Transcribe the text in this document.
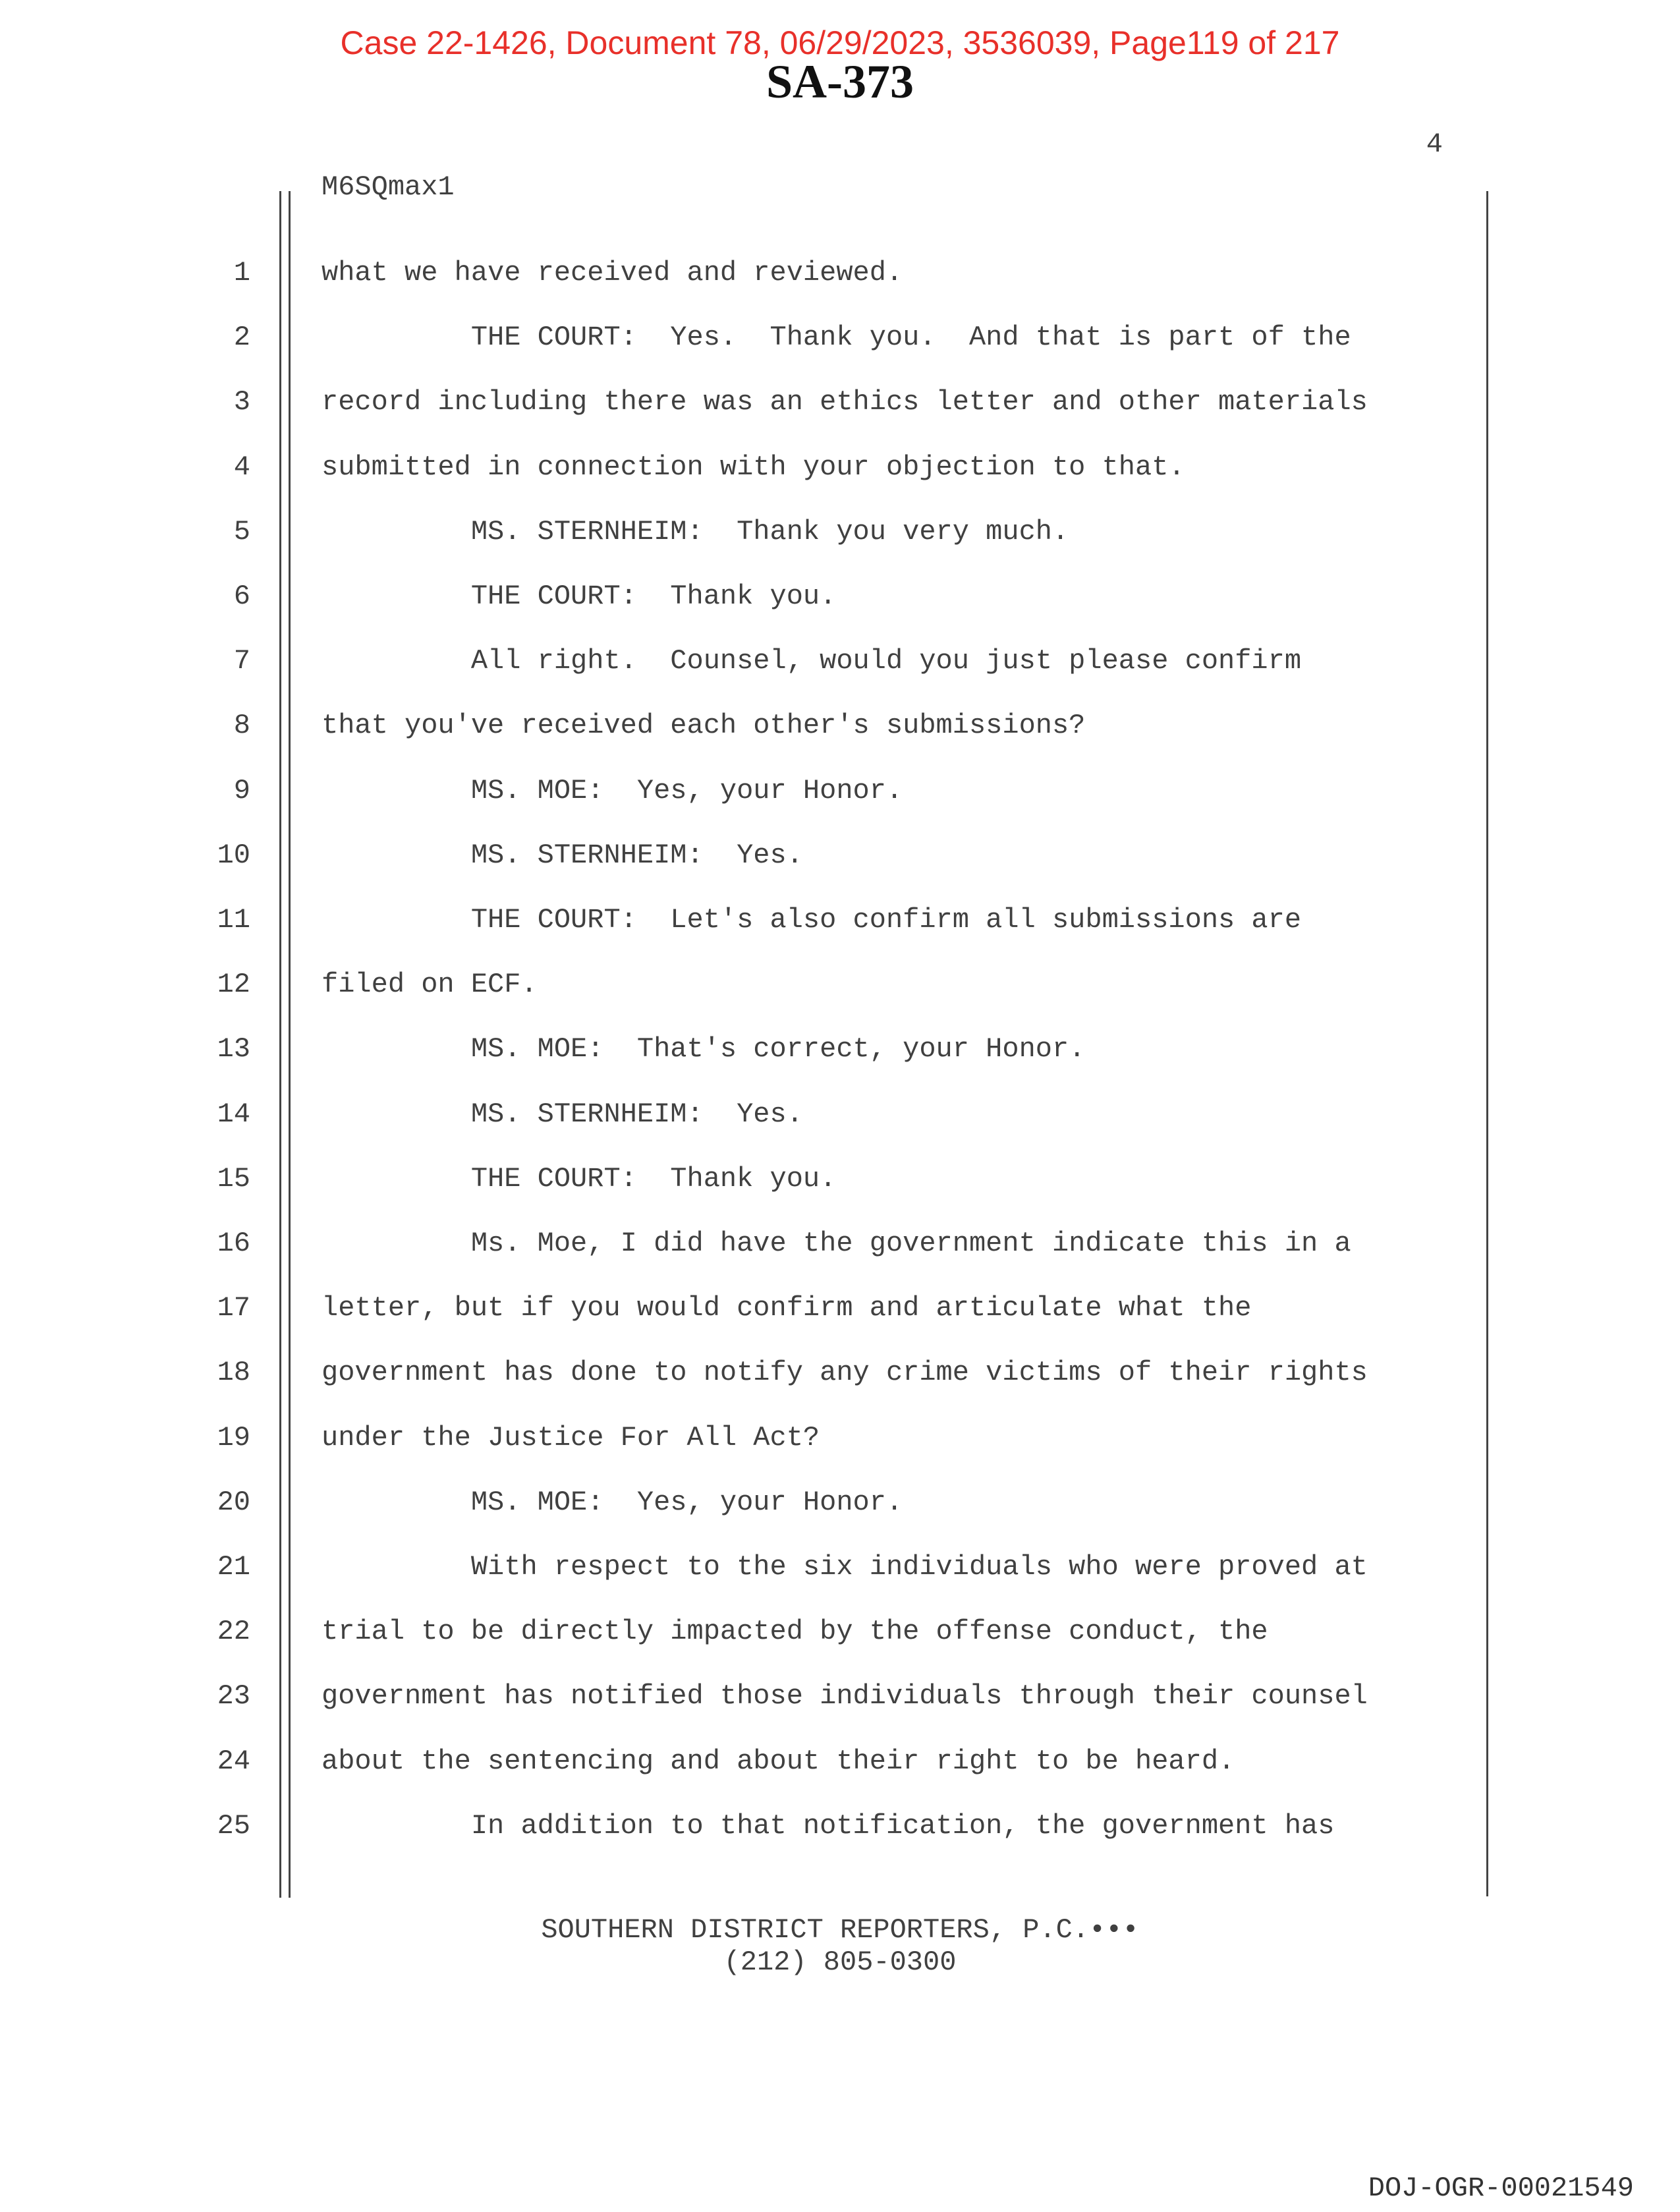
Case 22-1426, Document 78, 06/29/2023, 3536039, Page119 of 217
SA-373
4
M6SQmax1
1	what we have received and reviewed.
2	THE COURT:  Yes.  Thank you.  And that is part of the
3	record including there was an ethics letter and other materials
4	submitted in connection with your objection to that.
5	MS. STERNHEIM:  Thank you very much.
6	THE COURT:  Thank you.
7	All right.  Counsel, would you just please confirm
8	that you've received each other's submissions?
9	MS. MOE:  Yes, your Honor.
10	MS. STERNHEIM:  Yes.
11	THE COURT:  Let's also confirm all submissions are
12	filed on ECF.
13	MS. MOE:  That's correct, your Honor.
14	MS. STERNHEIM:  Yes.
15	THE COURT:  Thank you.
16	Ms. Moe, I did have the government indicate this in a
17	letter, but if you would confirm and articulate what the
18	government has done to notify any crime victims of their rights
19	under the Justice For All Act?
20	MS. MOE:  Yes, your Honor.
21	With respect to the six individuals who were proved at
22	trial to be directly impacted by the offense conduct, the
23	government has notified those individuals through their counsel
24	about the sentencing and about their right to be heard.
25	In addition to that notification, the government has
SOUTHERN DISTRICT REPORTERS, P.C.•••
(212) 805-0300
DOJ-OGR-00021549
